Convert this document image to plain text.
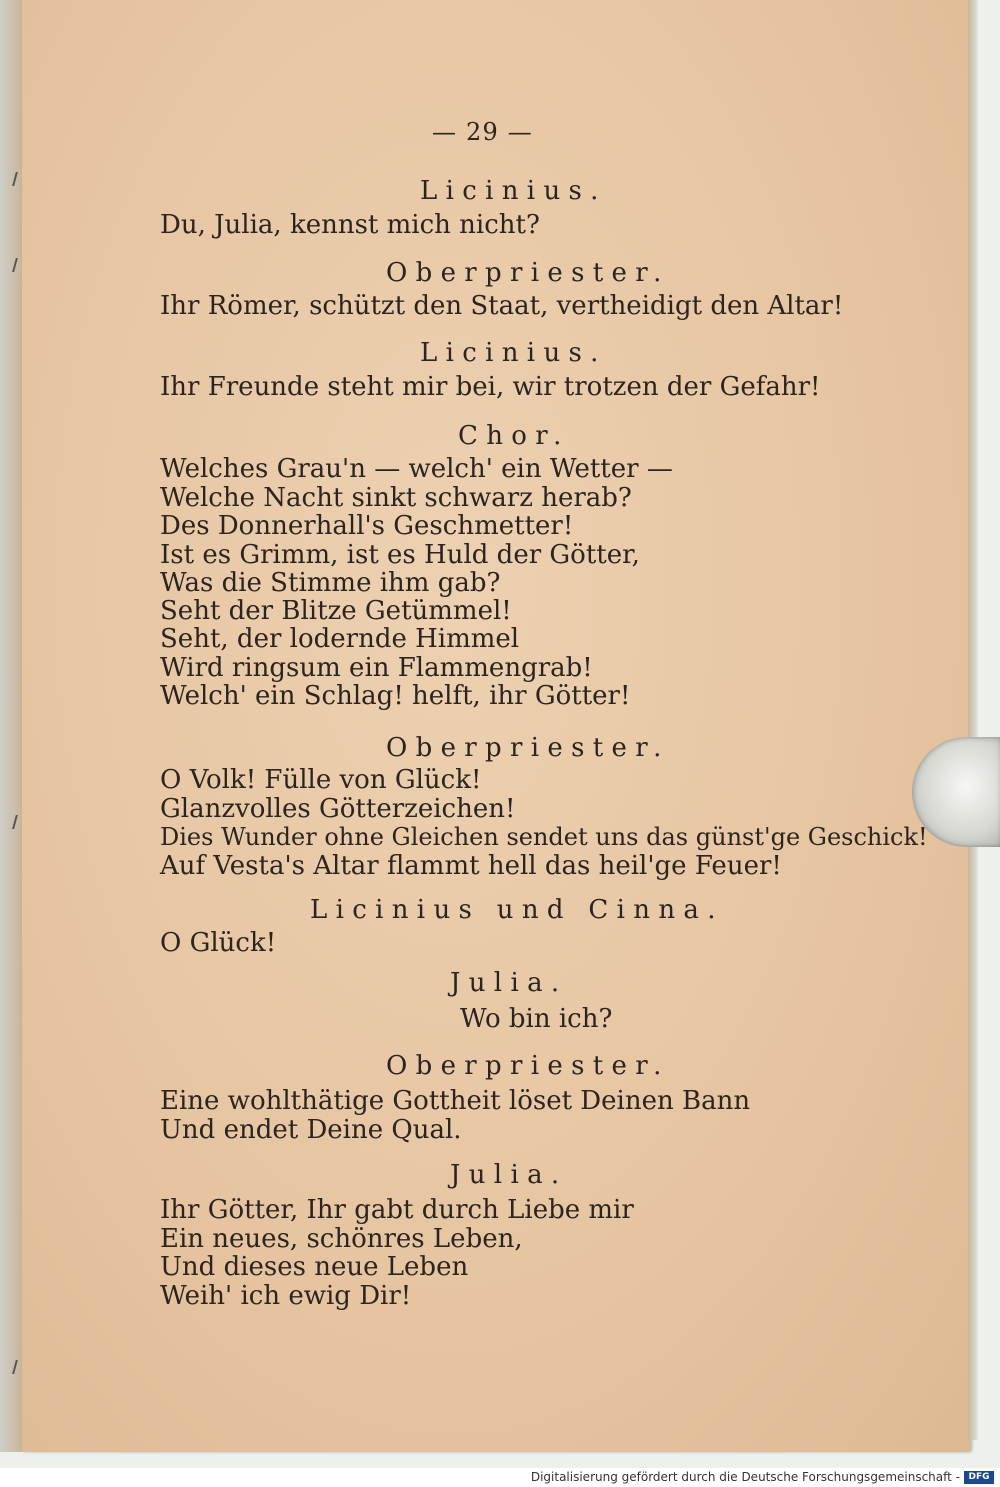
— 29 —
Licinius.
Du, Julia, kennst mich nicht?
Oberpriester.
Ihr Römer, schützt den Staat, vertheidigt den Altar!
Licinius.
Ihr Freunde steht mir bei, wir trotzen der Gefahr!
Chor.
Welches Grau'n — welch' ein Wetter —
Welche Nacht sinkt schwarz herab?
Des Donnerhall's Geschmetter!
Ist es Grimm, ist es Huld der Götter,
Was die Stimme ihm gab?
Seht der Blitze Getümmel!
Seht, der lodernde Himmel
Wird ringsum ein Flammengrab!
Welch' ein Schlag! helft, ihr Götter!
Oberpriester.
O Volk! Fülle von Glück!
Glanzvolles Götterzeichen!
Dies Wunder ohne Gleichen sendet uns das günst'ge Geschick!
Auf Vesta's Altar flammt hell das heil'ge Feuer!
Licinius und Cinna.
O Glück!
Julia.
Wo bin ich?
Oberpriester.
Eine wohlthätige Gottheit löset Deinen Bann
Und endet Deine Qual.
Julia.
Ihr Götter, Ihr gabt durch Liebe mir
Ein neues, schönres Leben,
Und dieses neue Leben
Weih' ich ewig Dir!
Digitalisierung gefördert durch die Deutsche Forschungsgemeinschaft - DFG
